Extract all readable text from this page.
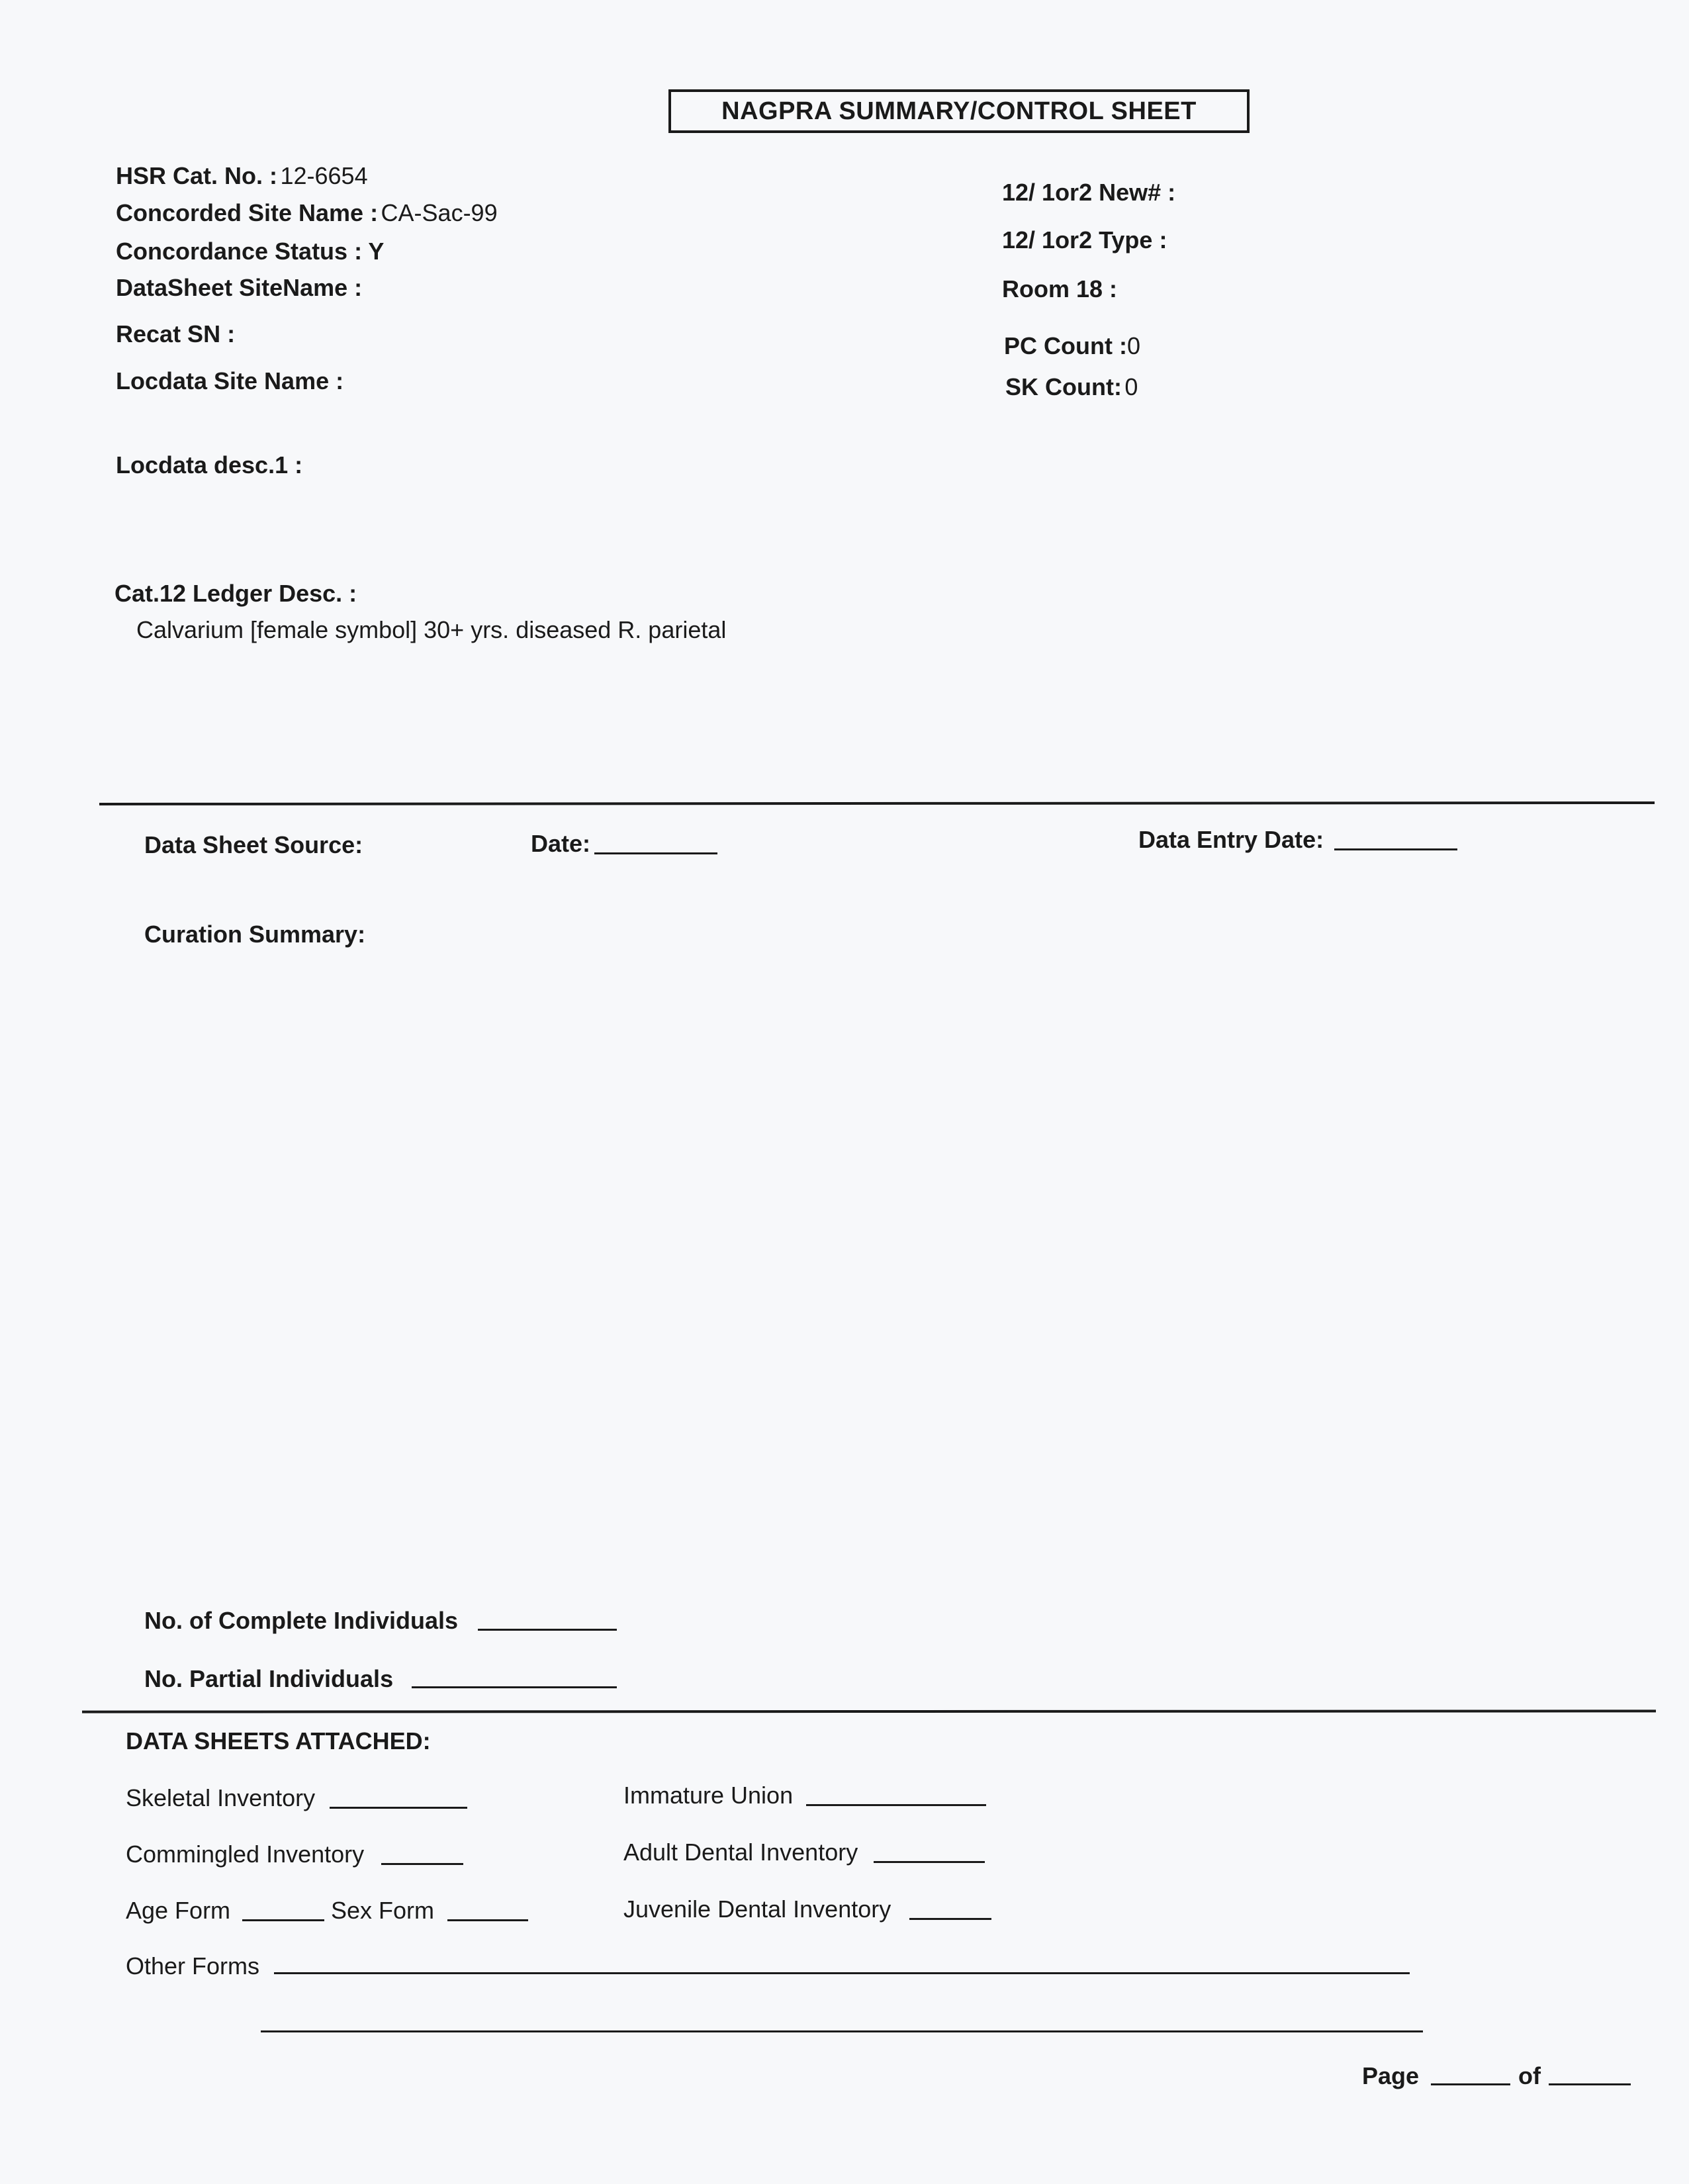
NAGPRA SUMMARY/CONTROL SHEET
HSR Cat. No. : 12-6654
Concorded Site Name : CA-Sac-99
Concordance Status : Y
DataSheet SiteName :
Recat SN :
Locdata Site Name :
Locdata desc.1 :
12/ 1or2 New# :
12/ 1or2 Type :
Room 18 :
PC Count :0
SK Count: 0
Cat.12 Ledger Desc. :
Calvarium [female symbol] 30+ yrs. diseased R. parietal
Data Sheet Source:	Date:	Data Entry Date:
Curation Summary:
No. of Complete Individuals
No. Partial Individuals
DATA SHEETS ATTACHED:
Skeletal Inventory
Commingled Inventory
Age Form	Sex Form
Other Forms
Immature Union
Adult Dental Inventory
Juvenile Dental Inventory
Page	of
